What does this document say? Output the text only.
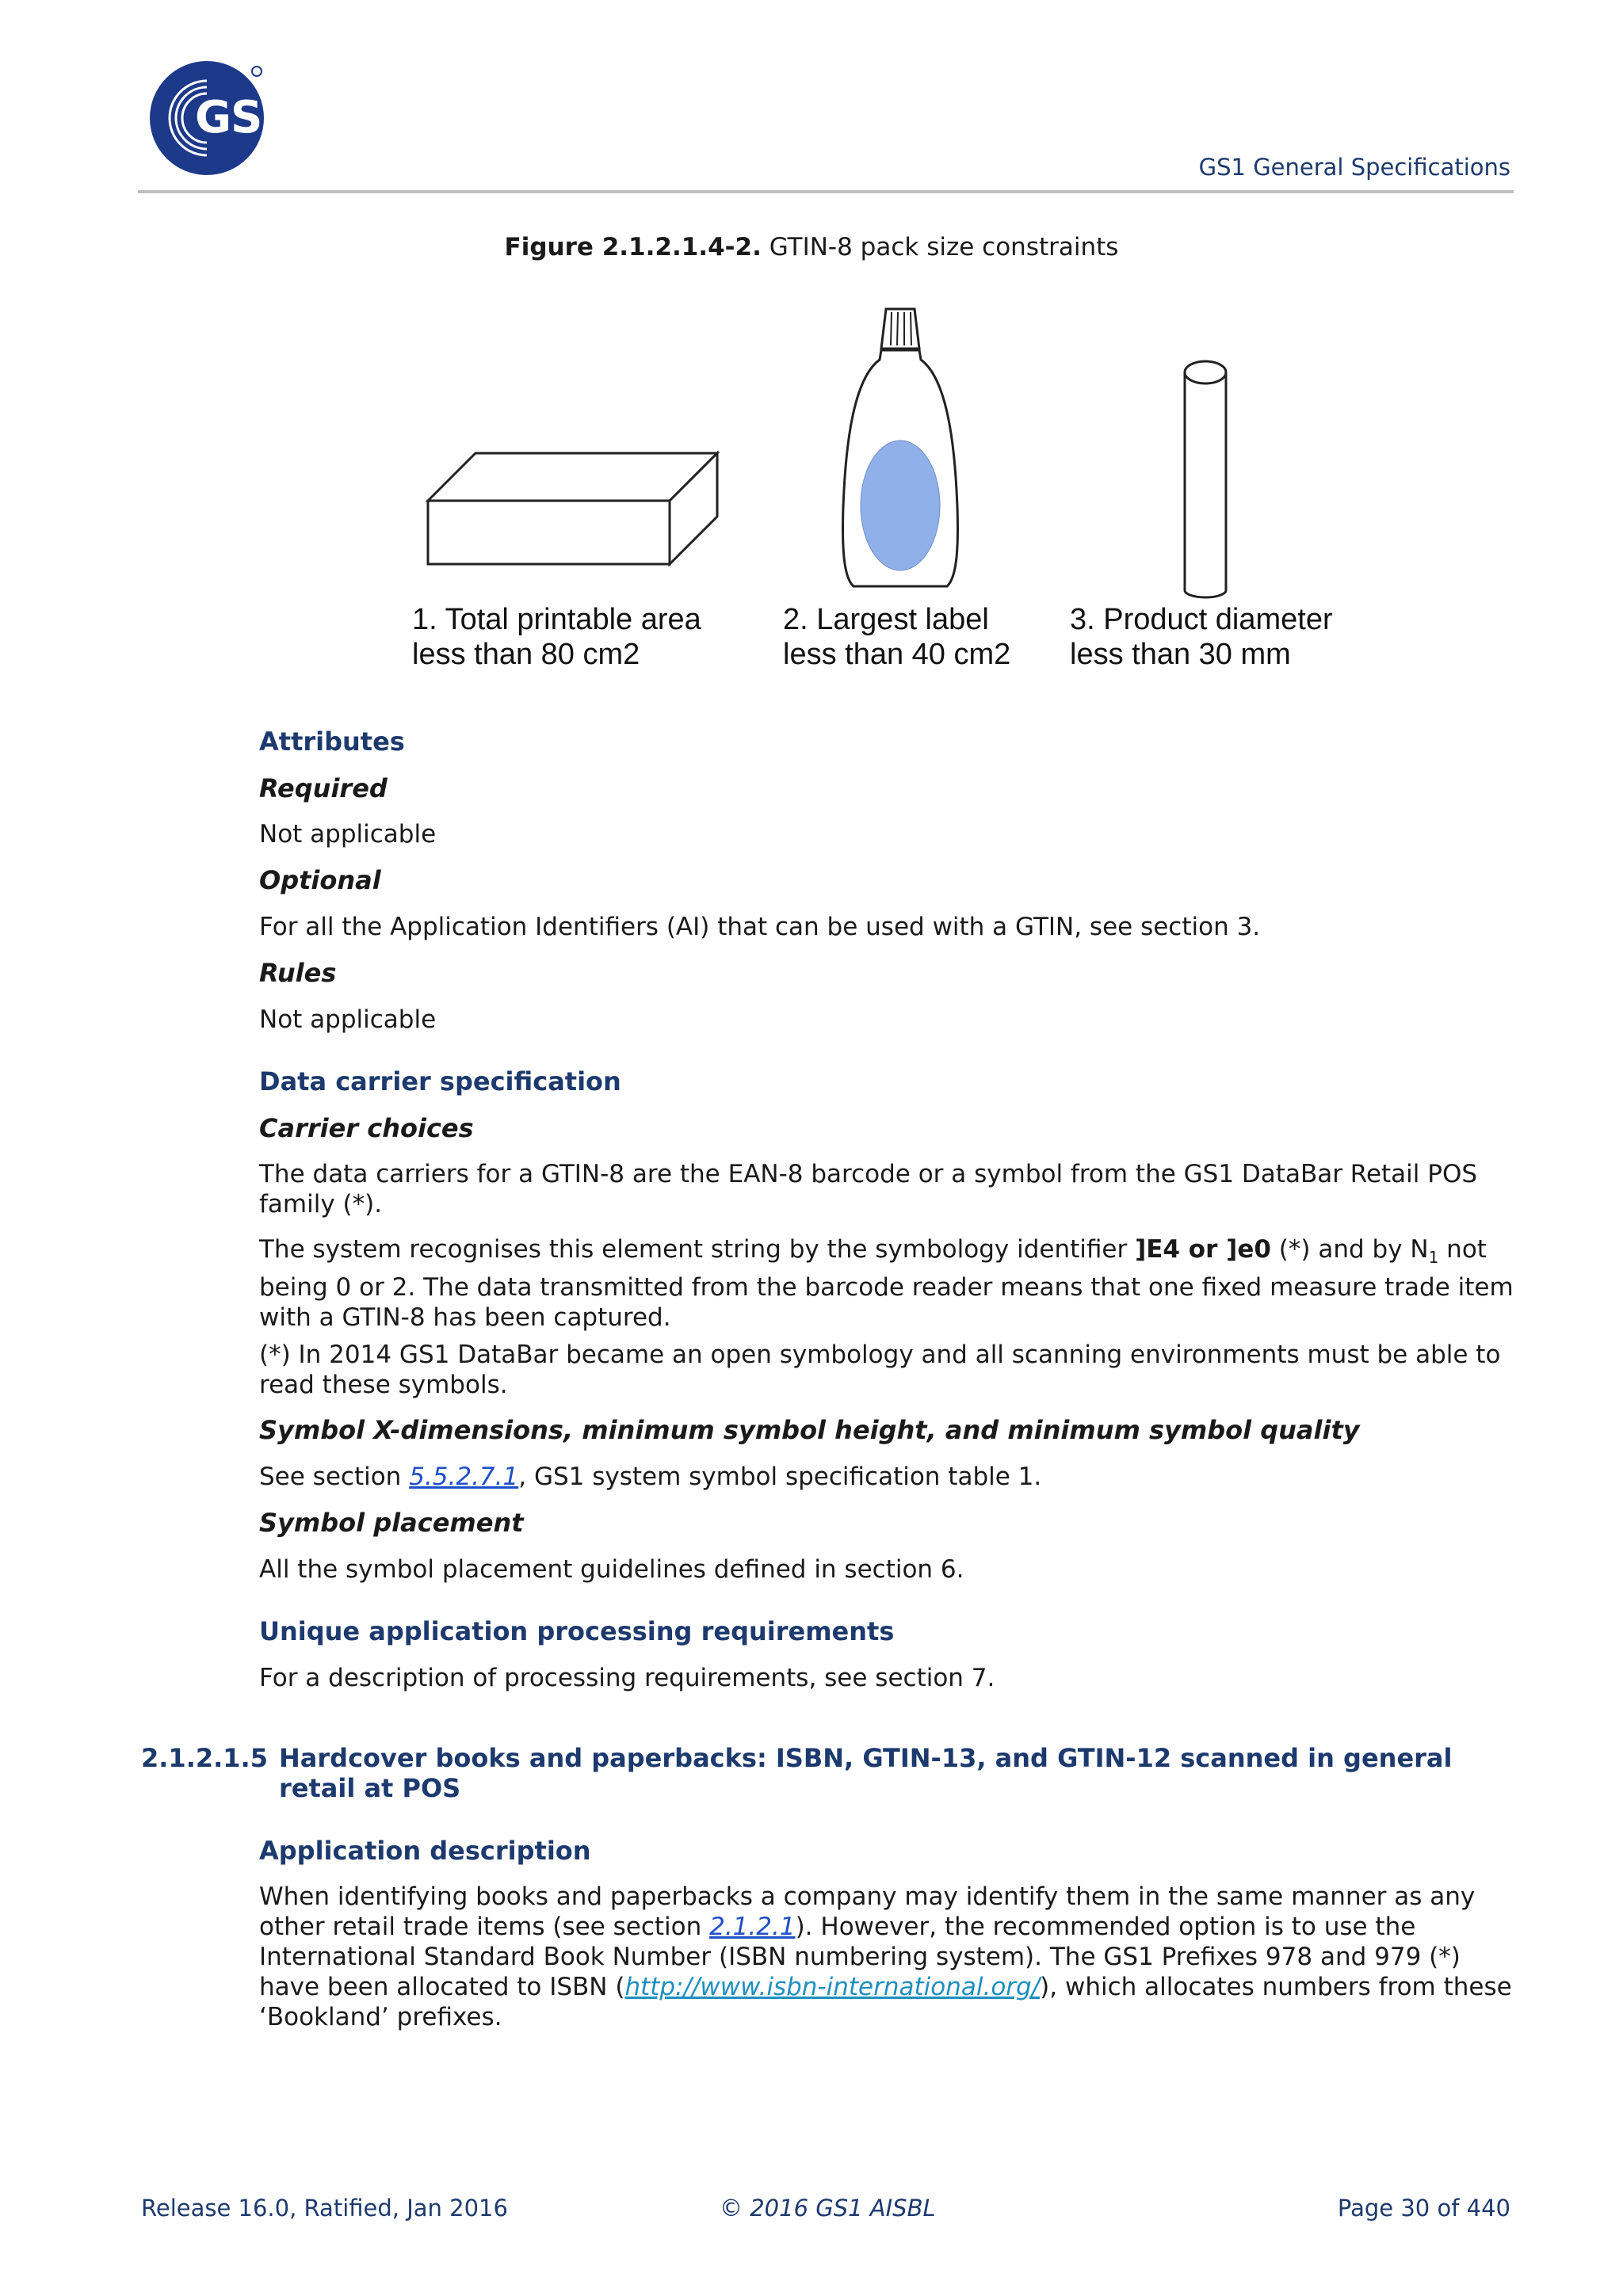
GS1
GS1 General Specifications
Figure 2.1.2.1.4-2. GTIN-8 pack size constraints
1. Total printable area
less than 80 cm2
2. Largest label
less than 40 cm2
3. Product diameter
less than 30 mm
Attributes
Required
Not applicable
Optional
For all the Application Identifiers (AI) that can be used with a GTIN, see section 3.
Rules
Not applicable
Data carrier specification
Carrier choices
The data carriers for a GTIN-8 are the EAN-8 barcode or a symbol from the GS1 DataBar Retail POS family (*).
The system recognises this element string by the symbology identifier ]E4 or ]e0 (*) and by $N_1$ not being 0 or 2. The data transmitted from the barcode reader means that one fixed measure trade item with a GTIN-8 has been captured.
(*) In 2014 GS1 DataBar became an open symbology and all scanning environments must be able to read these symbols.
Symbol X-dimensions, minimum symbol height, and minimum symbol quality
See section 5.5.2.7.1, GS1 system symbol specification table 1.
Symbol placement
All the symbol placement guidelines defined in section 6.
Unique application processing requirements
For a description of processing requirements, see section 7.
2.1.2.1.5 Hardcover books and paperbacks: ISBN, GTIN-13, and GTIN-12 scanned in general retail at POS
Application description
When identifying books and paperbacks a company may identify them in the same manner as any other retail trade items (see section 2.1.2.1). However, the recommended option is to use the International Standard Book Number (ISBN numbering system). The GS1 Prefixes 978 and 979 (*) have been allocated to ISBN (http://www.isbn-international.org/), which allocates numbers from these ‘Bookland’ prefixes.
Release 16.0, Ratified, Jan 2016	© 2016 GS1 AISBL	Page 30 of 440
